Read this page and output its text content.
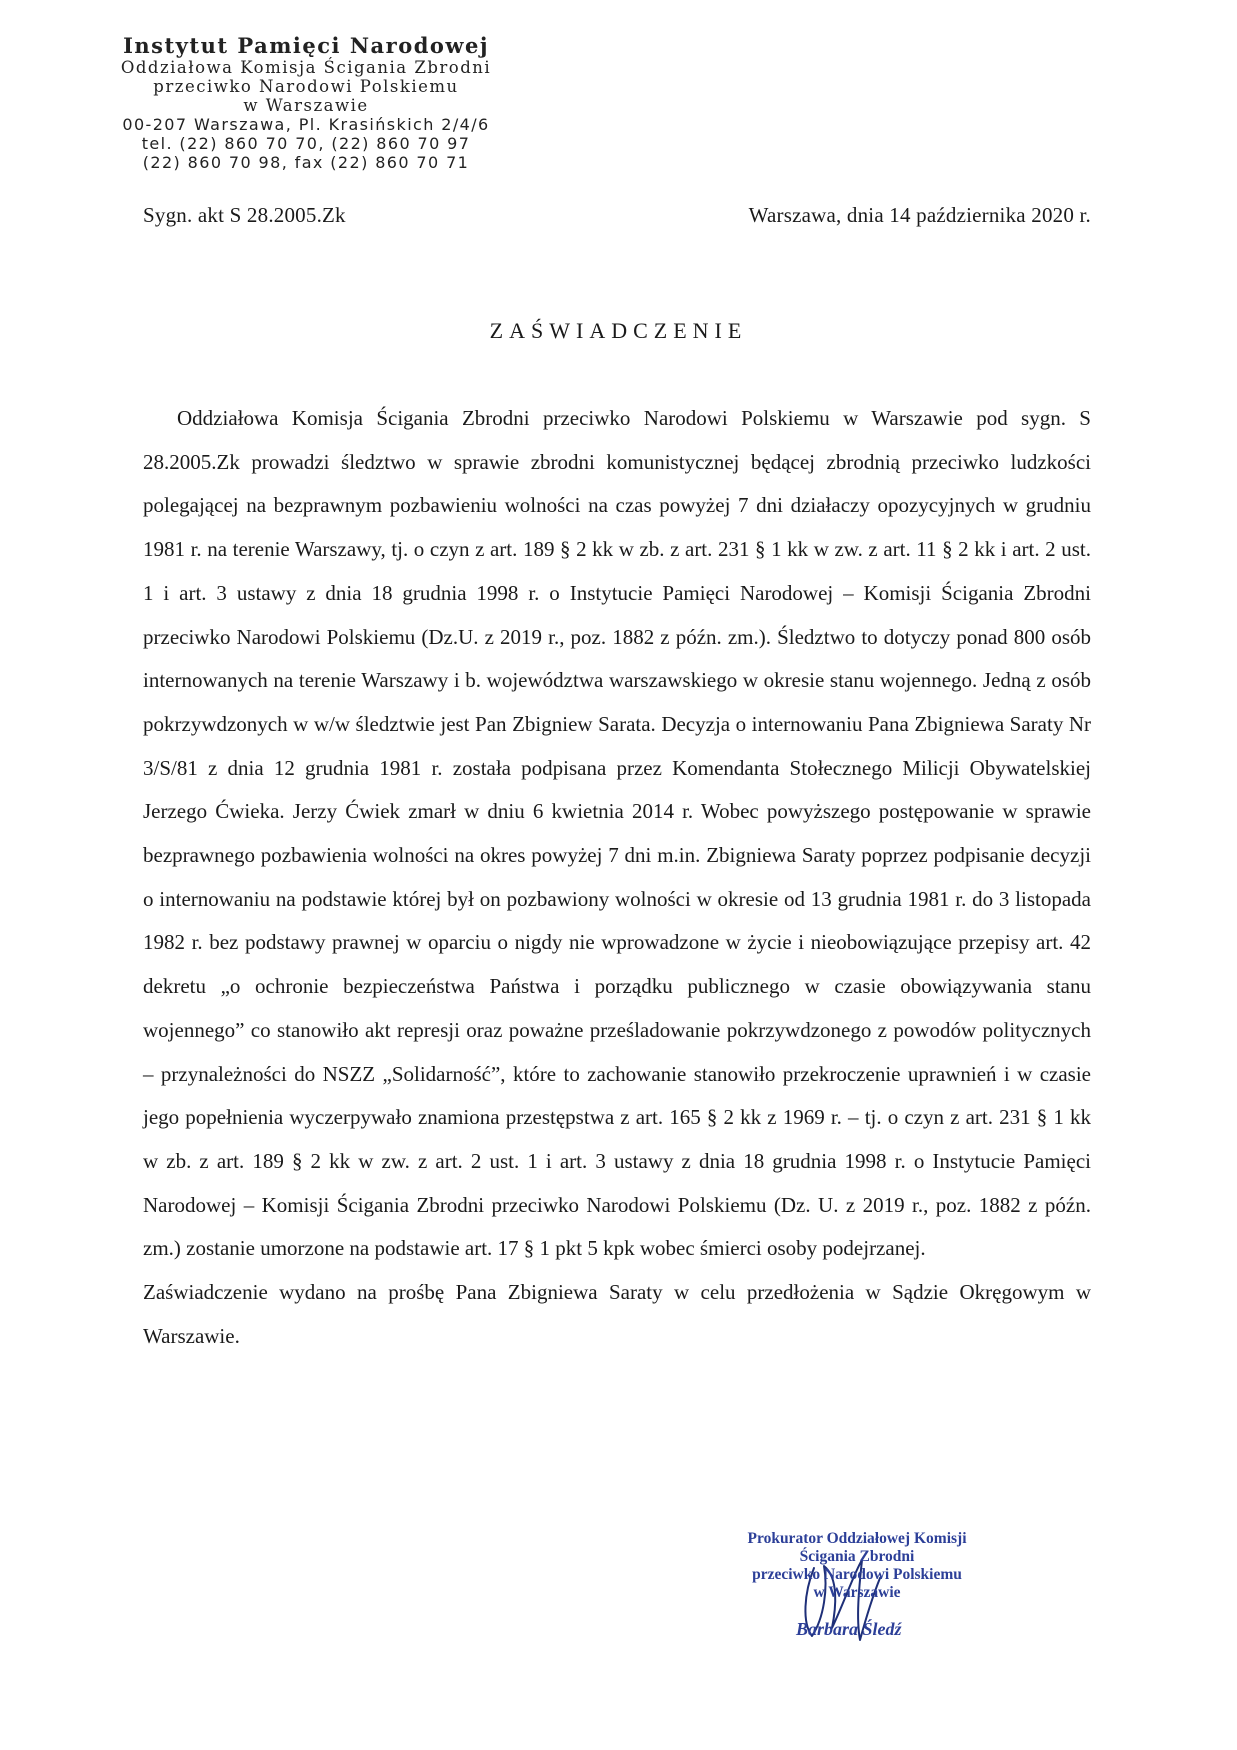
Instytut Pamięci Narodowej
Oddziałowa Komisja Ścigania Zbrodni
przeciwko Narodowi Polskiemu
w Warszawie
00-207 Warszawa, Pl. Krasińskich 2/4/6
tel. (22) 860 70 70, (22) 860 70 97
(22) 860 70 98, fax (22) 860 70 71
Sygn. akt S 28.2005.Zk	Warszawa, dnia 14 października 2020 r.
ZAŚWIADCZENIE

Oddziałowa Komisja Ścigania Zbrodni przeciwko Narodowi Polskiemu w Warszawie pod sygn. S 28.2005.Zk prowadzi śledztwo w sprawie zbrodni komunistycznej będącej zbrodnią przeciwko ludzkości polegającej na bezprawnym pozbawieniu wolności na czas powyżej 7 dni działaczy opozycyjnych w grudniu 1981 r. na terenie Warszawy, tj. o czyn z art. 189 § 2 kk w zb. z art. 231 § 1 kk w zw. z art. 11 § 2 kk i art. 2 ust. 1 i art. 3 ustawy z dnia 18 grudnia 1998 r. o Instytucie Pamięci Narodowej – Komisji Ścigania Zbrodni przeciwko Narodowi Polskiemu (Dz.U. z 2019 r., poz. 1882 z późn. zm.). Śledztwo to dotyczy ponad 800 osób internowanych na terenie Warszawy i b. województwa warszawskiego w okresie stanu wojennego. Jedną z osób pokrzywdzonych w w/w śledztwie jest Pan Zbigniew Sarata. Decyzja o internowaniu Pana Zbigniewa Saraty Nr 3/S/81 z dnia 12 grudnia 1981 r. została podpisana przez Komendanta Stołecznego Milicji Obywatelskiej Jerzego Ćwieka. Jerzy Ćwiek zmarł w dniu 6 kwietnia 2014 r. Wobec powyższego postępowanie w sprawie bezprawnego pozbawienia wolności na okres powyżej 7 dni m.in. Zbigniewa Saraty poprzez podpisanie decyzji o internowaniu na podstawie której był on pozbawiony wolności w okresie od 13 grudnia 1981 r. do 3 listopada 1982 r. bez podstawy prawnej w oparciu o nigdy nie wprowadzone w życie i nieobowiązujące przepisy art. 42 dekretu „o ochronie bezpieczeństwa Państwa i porządku publicznego w czasie obowiązywania stanu wojennego” co stanowiło akt represji oraz poważne prześladowanie pokrzywdzonego z powodów politycznych – przynależności do NSZZ „Solidarność”, które to zachowanie stanowiło przekroczenie uprawnień i w czasie jego popełnienia wyczerpywało znamiona przestępstwa z art. 165 § 2 kk z 1969 r. – tj. o czyn z art. 231 § 1 kk w zb. z art. 189 § 2 kk w zw. z art. 2 ust. 1 i art. 3 ustawy z dnia 18 grudnia 1998 r. o Instytucie Pamięci Narodowej – Komisji Ścigania Zbrodni przeciwko Narodowi Polskiemu (Dz. U. z 2019 r., poz. 1882 z późn. zm.) zostanie umorzone na podstawie art. 17 § 1 pkt 5 kpk wobec śmierci osoby podejrzanej.

Zaświadczenie wydano na prośbę Pana Zbigniewa Saraty w celu przedłożenia w Sądzie Okręgowym w Warszawie.

Prokurator Oddziałowej Komisji
Ścigania Zbrodni
przeciwko Narodowi Polskiemu
w Warszawie
Barbara Śledź
